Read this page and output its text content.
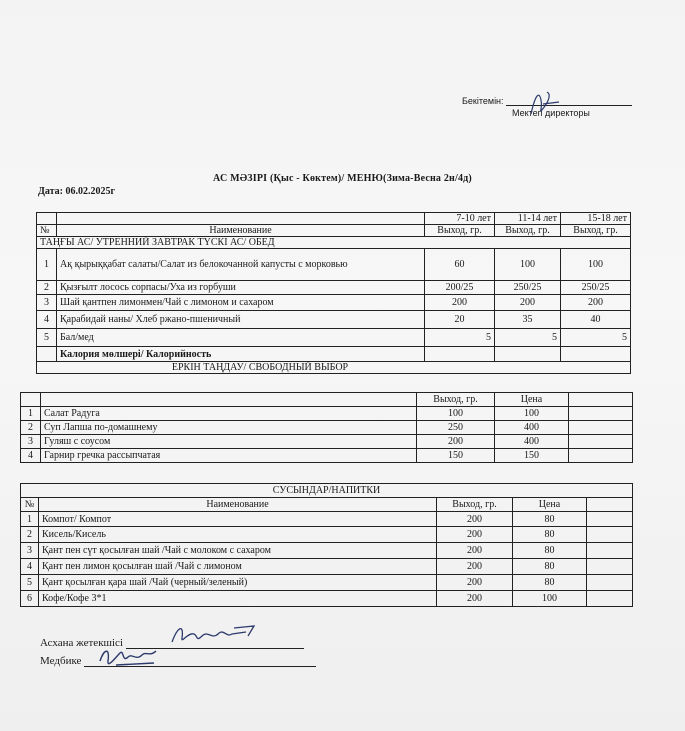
Бекітемін:
Мектеп директоры
АС МӘЗІРІ (Қыс - Көктем)/ МЕНЮ(Зима-Весна 2н/4д)
Дата: 06.02.2025г
		7-10 лет	11-14 лет	15-18 лет
№	Наименование	Выход, гр.	Выход, гр.	Выход, гр.
ТАҢҒЫ АС/ УТРЕННИЙ ЗАВТРАК ТҮСКІ АС/ ОБЕД				
1	Ақ қырыққабат салаты/Салат из белокочанной капусты с морковью	60	100	100
2	Қызғылт лосось сорпасы/Уха из горбуши	200/25	250/25	250/25
3	Шай қантпен лимонмен/Чай с лимоном и сахаром	200	200	200
4	Қарабидай наны/ Хлеб ржано-пшеничный	20	35	40
5	Бал/мед	5	5	5
	Калория мөлшері/ Калорийность			
ЕРКІН ТАҢДАУ/ СВОБОДНЫЙ ВЫБОР				
		Выход, гр.	Цена	
1	Салат Радуга	100	100	
2	Суп Лапша по-домашнему	250	400	
3	Гуляш с соусом	200	400	
4	Гарнир гречка рассыпчатая	150	150	
СУСЫНДАР/НАПИТКИ				
№	Наименование	Выход, гр.	Цена	
1	Компот/ Компот	200	80	
2	Кисель/Кисель	200	80	
3	Қант пен сүт қосылған шай /Чай с молоком с сахаром	200	80	
4	Қант пен лимон қосылған шай /Чай с лимоном	200	80	
5	Қант қосылған қара шай /Чай (черный/зеленый)	200	80	
6	Кофе/Кофе 3*1	200	100	
Асхана жетекшісі
Медбике
